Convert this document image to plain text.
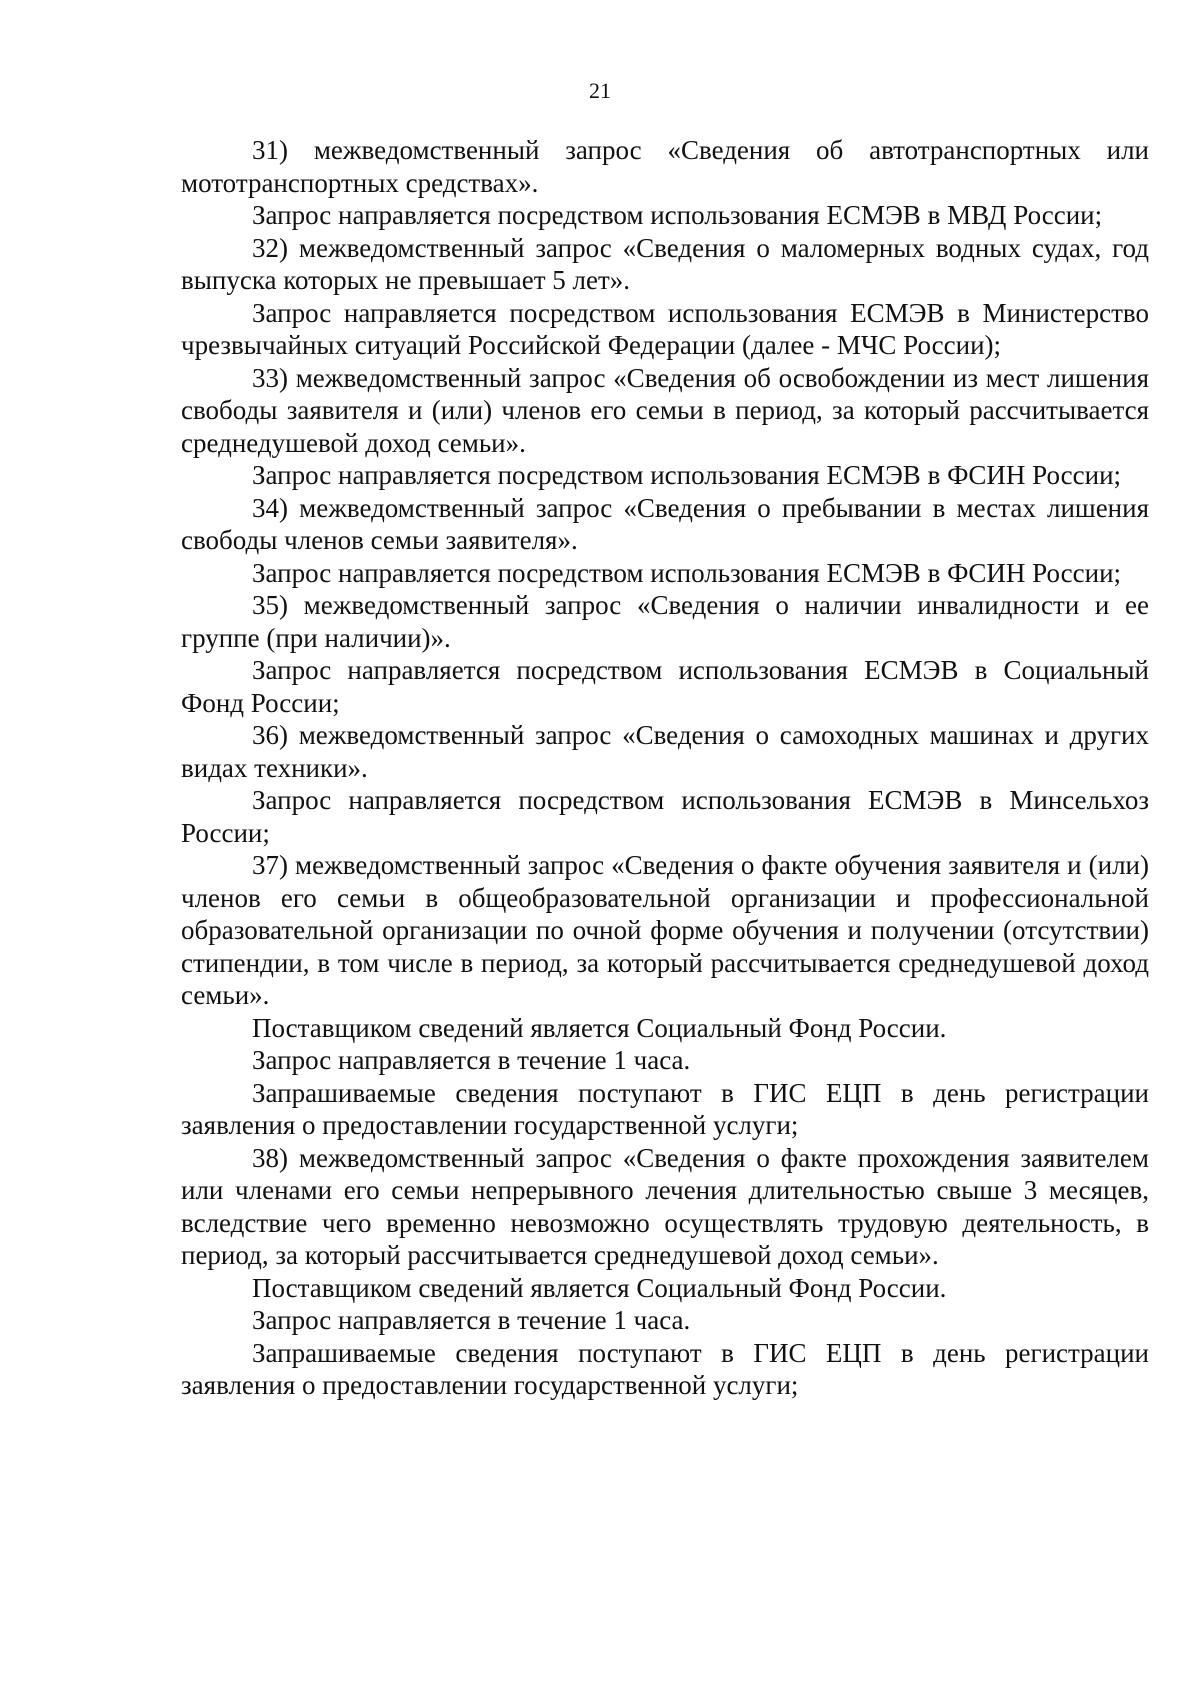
21

31) межведомственный запрос «Сведения об автотранспортных или мототранспортных средствах».

Запрос направляется посредством использования ЕСМЭВ в МВД России;

32) межведомственный запрос «Сведения о маломерных водных судах, год выпуска которых не превышает 5 лет».

Запрос направляется посредством использования ЕСМЭВ в Министерство чрезвычайных ситуаций Российской Федерации (далее - МЧС России);

33) межведомственный запрос «Сведения об освобождении из мест лишения свободы заявителя и (или) членов его семьи в период, за который рассчитывается среднедушевой доход семьи».

Запрос направляется посредством использования ЕСМЭВ в ФСИН России;

34) межведомственный запрос «Сведения о пребывании в местах лишения свободы членов семьи заявителя».

Запрос направляется посредством использования ЕСМЭВ в ФСИН России;

35) межведомственный запрос «Сведения о наличии инвалидности и ее группе (при наличии)».

Запрос направляется посредством использования ЕСМЭВ в Социальный Фонд России;

36) межведомственный запрос «Сведения о самоходных машинах и других видах техники».

Запрос направляется посредством использования ЕСМЭВ в Минсельхоз России;

37) межведомственный запрос «Сведения о факте обучения заявителя и (или) членов его семьи в общеобразовательной организации и профессиональной образовательной организации по очной форме обучения и получении (отсутствии) стипендии, в том числе в период, за который рассчитывается среднедушевой доход семьи».

Поставщиком сведений является Социальный Фонд России.

Запрос направляется в течение 1 часа.

Запрашиваемые сведения поступают в ГИС ЕЦП в день регистрации заявления о предоставлении государственной услуги;

38) межведомственный запрос «Сведения о факте прохождения заявителем или членами его семьи непрерывного лечения длительностью свыше 3 месяцев, вследствие чего временно невозможно осуществлять трудовую деятельность, в период, за который рассчитывается среднедушевой доход семьи».

Поставщиком сведений является Социальный Фонд России.

Запрос направляется в течение 1 часа.

Запрашиваемые сведения поступают в ГИС ЕЦП в день регистрации заявления о предоставлении государственной услуги;
